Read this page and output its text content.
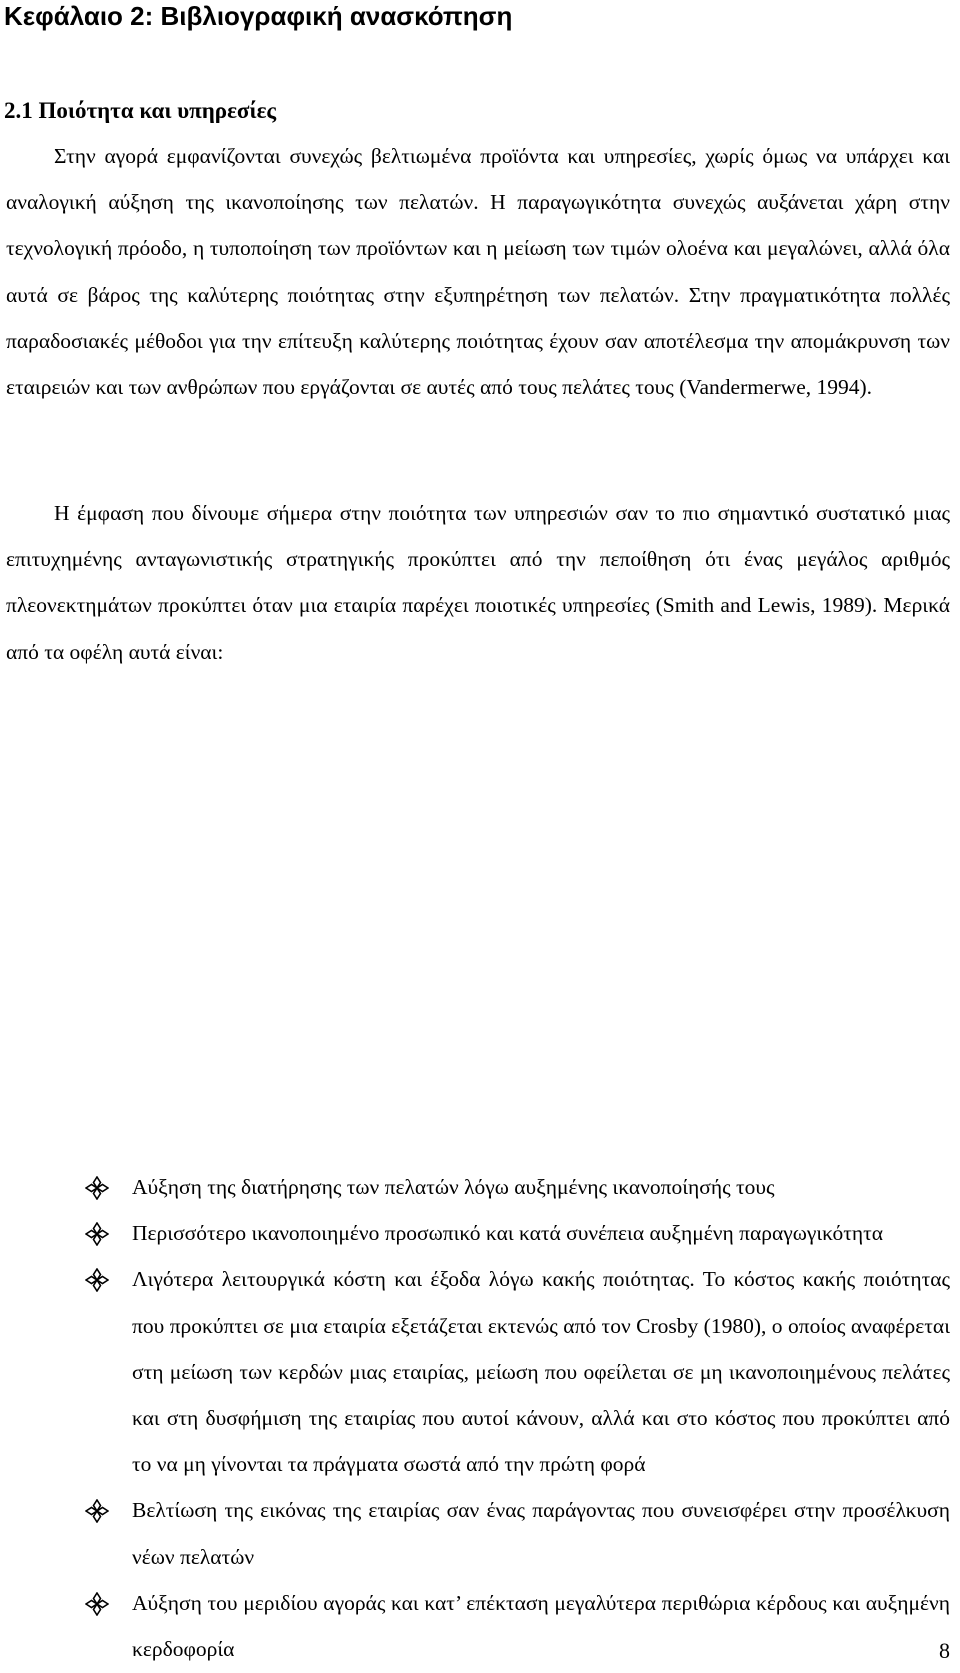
Κεφάλαιο 2: Βιβλιογραφική ανασκόπηση
2.1 Ποιότητα και υπηρεσίες

Στην αγορά εμφανίζονται συνεχώς βελτιωμένα προϊόντα και υπηρεσίες, χωρίς όμως να υπάρχει και αναλογική αύξηση της ικανοποίησης των πελατών. Η παραγωγικότητα συνεχώς αυξάνεται χάρη στην τεχνολογική πρόοδο, η τυποποίηση των προϊόντων και η μείωση των τιμών ολοένα και μεγαλώνει, αλλά όλα αυτά σε βάρος της καλύτερης ποιότητας στην εξυπηρέτηση των πελατών. Στην πραγματικότητα πολλές παραδοσιακές μέθοδοι για την επίτευξη καλύτερης ποιότητας έχουν σαν αποτέλεσμα την απομάκρυνση των εταιρειών και των ανθρώπων που εργάζονται σε αυτές από τους πελάτες τους (Vandermerwe, 1994).

Η έμφαση που δίνουμε σήμερα στην ποιότητα των υπηρεσιών σαν το πιο σημαντικό συστατικό μιας επιτυχημένης ανταγωνιστικής στρατηγικής προκύπτει από την πεποίθηση ότι ένας μεγάλος αριθμός πλεονεκτημάτων προκύπτει όταν μια εταιρία παρέχει ποιοτικές υπηρεσίες (Smith and Lewis, 1989). Μερικά από τα οφέλη αυτά είναι:

Αύξηση της διατήρησης των πελατών λόγω αυξημένης ικανοποίησής τους
Περισσότερο ικανοποιημένο προσωπικό και κατά συνέπεια αυξημένη παραγωγικότητα
Λιγότερα λειτουργικά κόστη και έξοδα λόγω κακής ποιότητας. Το κόστος κακής ποιότητας που προκύπτει σε μια εταιρία εξετάζεται εκτενώς από τον Crosby (1980), ο οποίος αναφέρεται στη μείωση των κερδών μιας εταιρίας, μείωση που οφείλεται σε μη ικανοποιημένους πελάτες και στη δυσφήμιση της εταιρίας που αυτοί κάνουν, αλλά και στο κόστος που προκύπτει από το να μη γίνονται τα πράγματα σωστά από την πρώτη φορά
Βελτίωση της εικόνας της εταιρίας σαν ένας παράγοντας που συνεισφέρει στην προσέλκυση νέων πελατών
Αύξηση του μεριδίου αγοράς και κατ’ επέκταση μεγαλύτερα περιθώρια κέρδους και αυξημένη κερδοφορία	8
